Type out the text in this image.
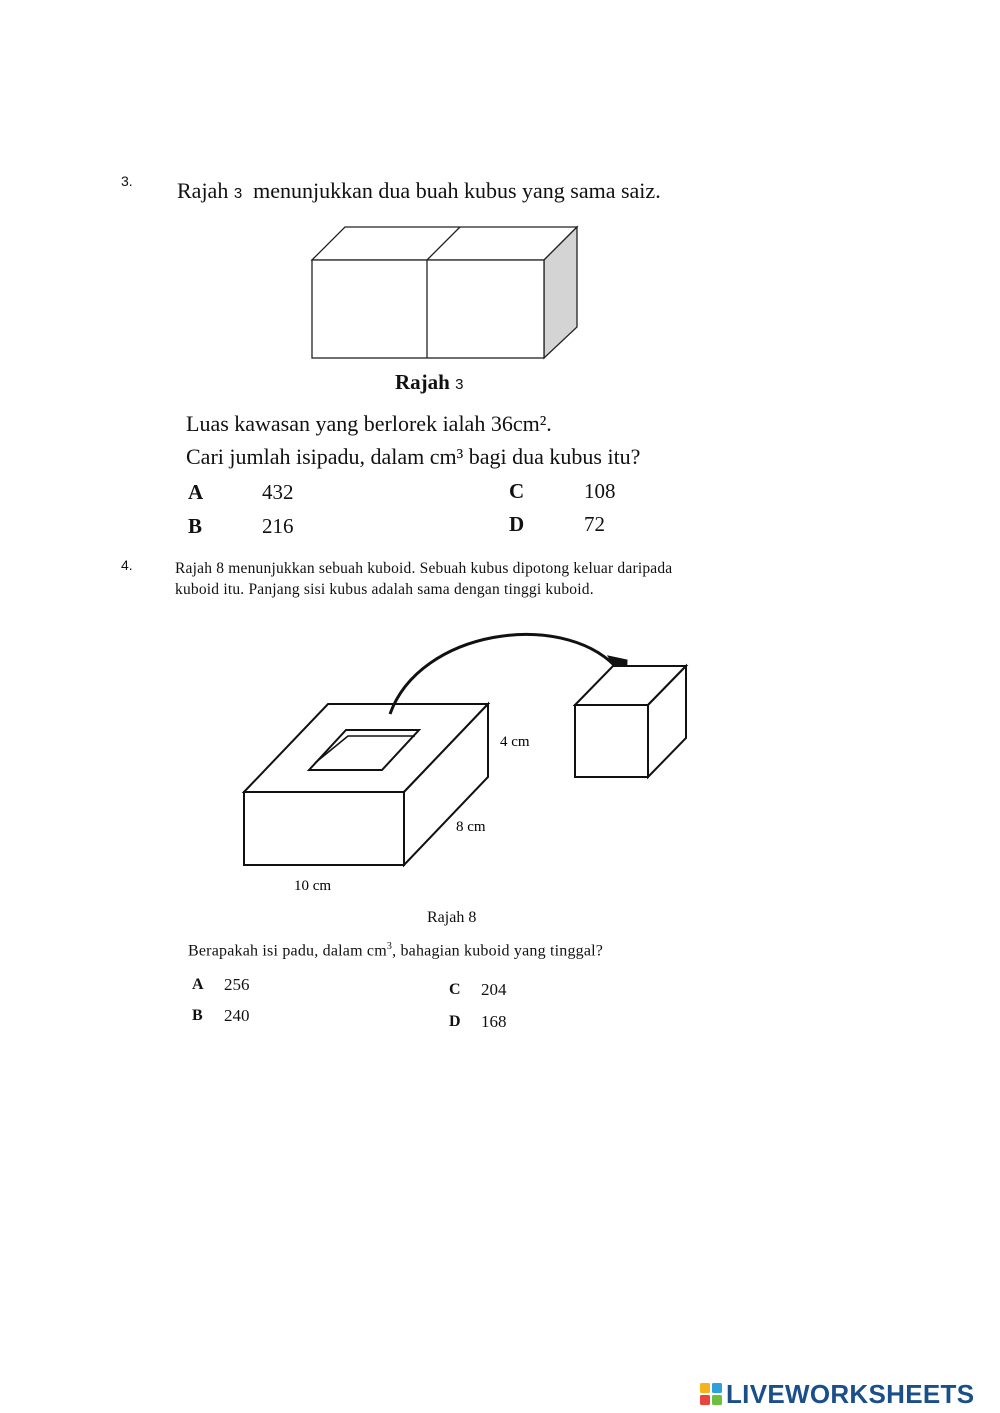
3. Rajah 3 menunjukkan dua buah kubus yang sama saiz.
Rajah 3
Luas kawasan yang berlorek ialah 36cm².
Cari jumlah isipadu, dalam cm³ bagi dua kubus itu?
A	432
B	216
C	108
D	72
4.	Rajah 8 menunjukkan sebuah kuboid. Sebuah kubus dipotong keluar daripada
kuboid itu. Panjang sisi kubus adalah sama dengan tinggi kuboid.
4 cm
8 cm
10 cm
Rajah 8
Berapakah isi padu, dalam $cm^3$, bahagian kuboid yang tinggal?
A 256
B 240
C 204
D 168
LIVEWORKSHEETS
